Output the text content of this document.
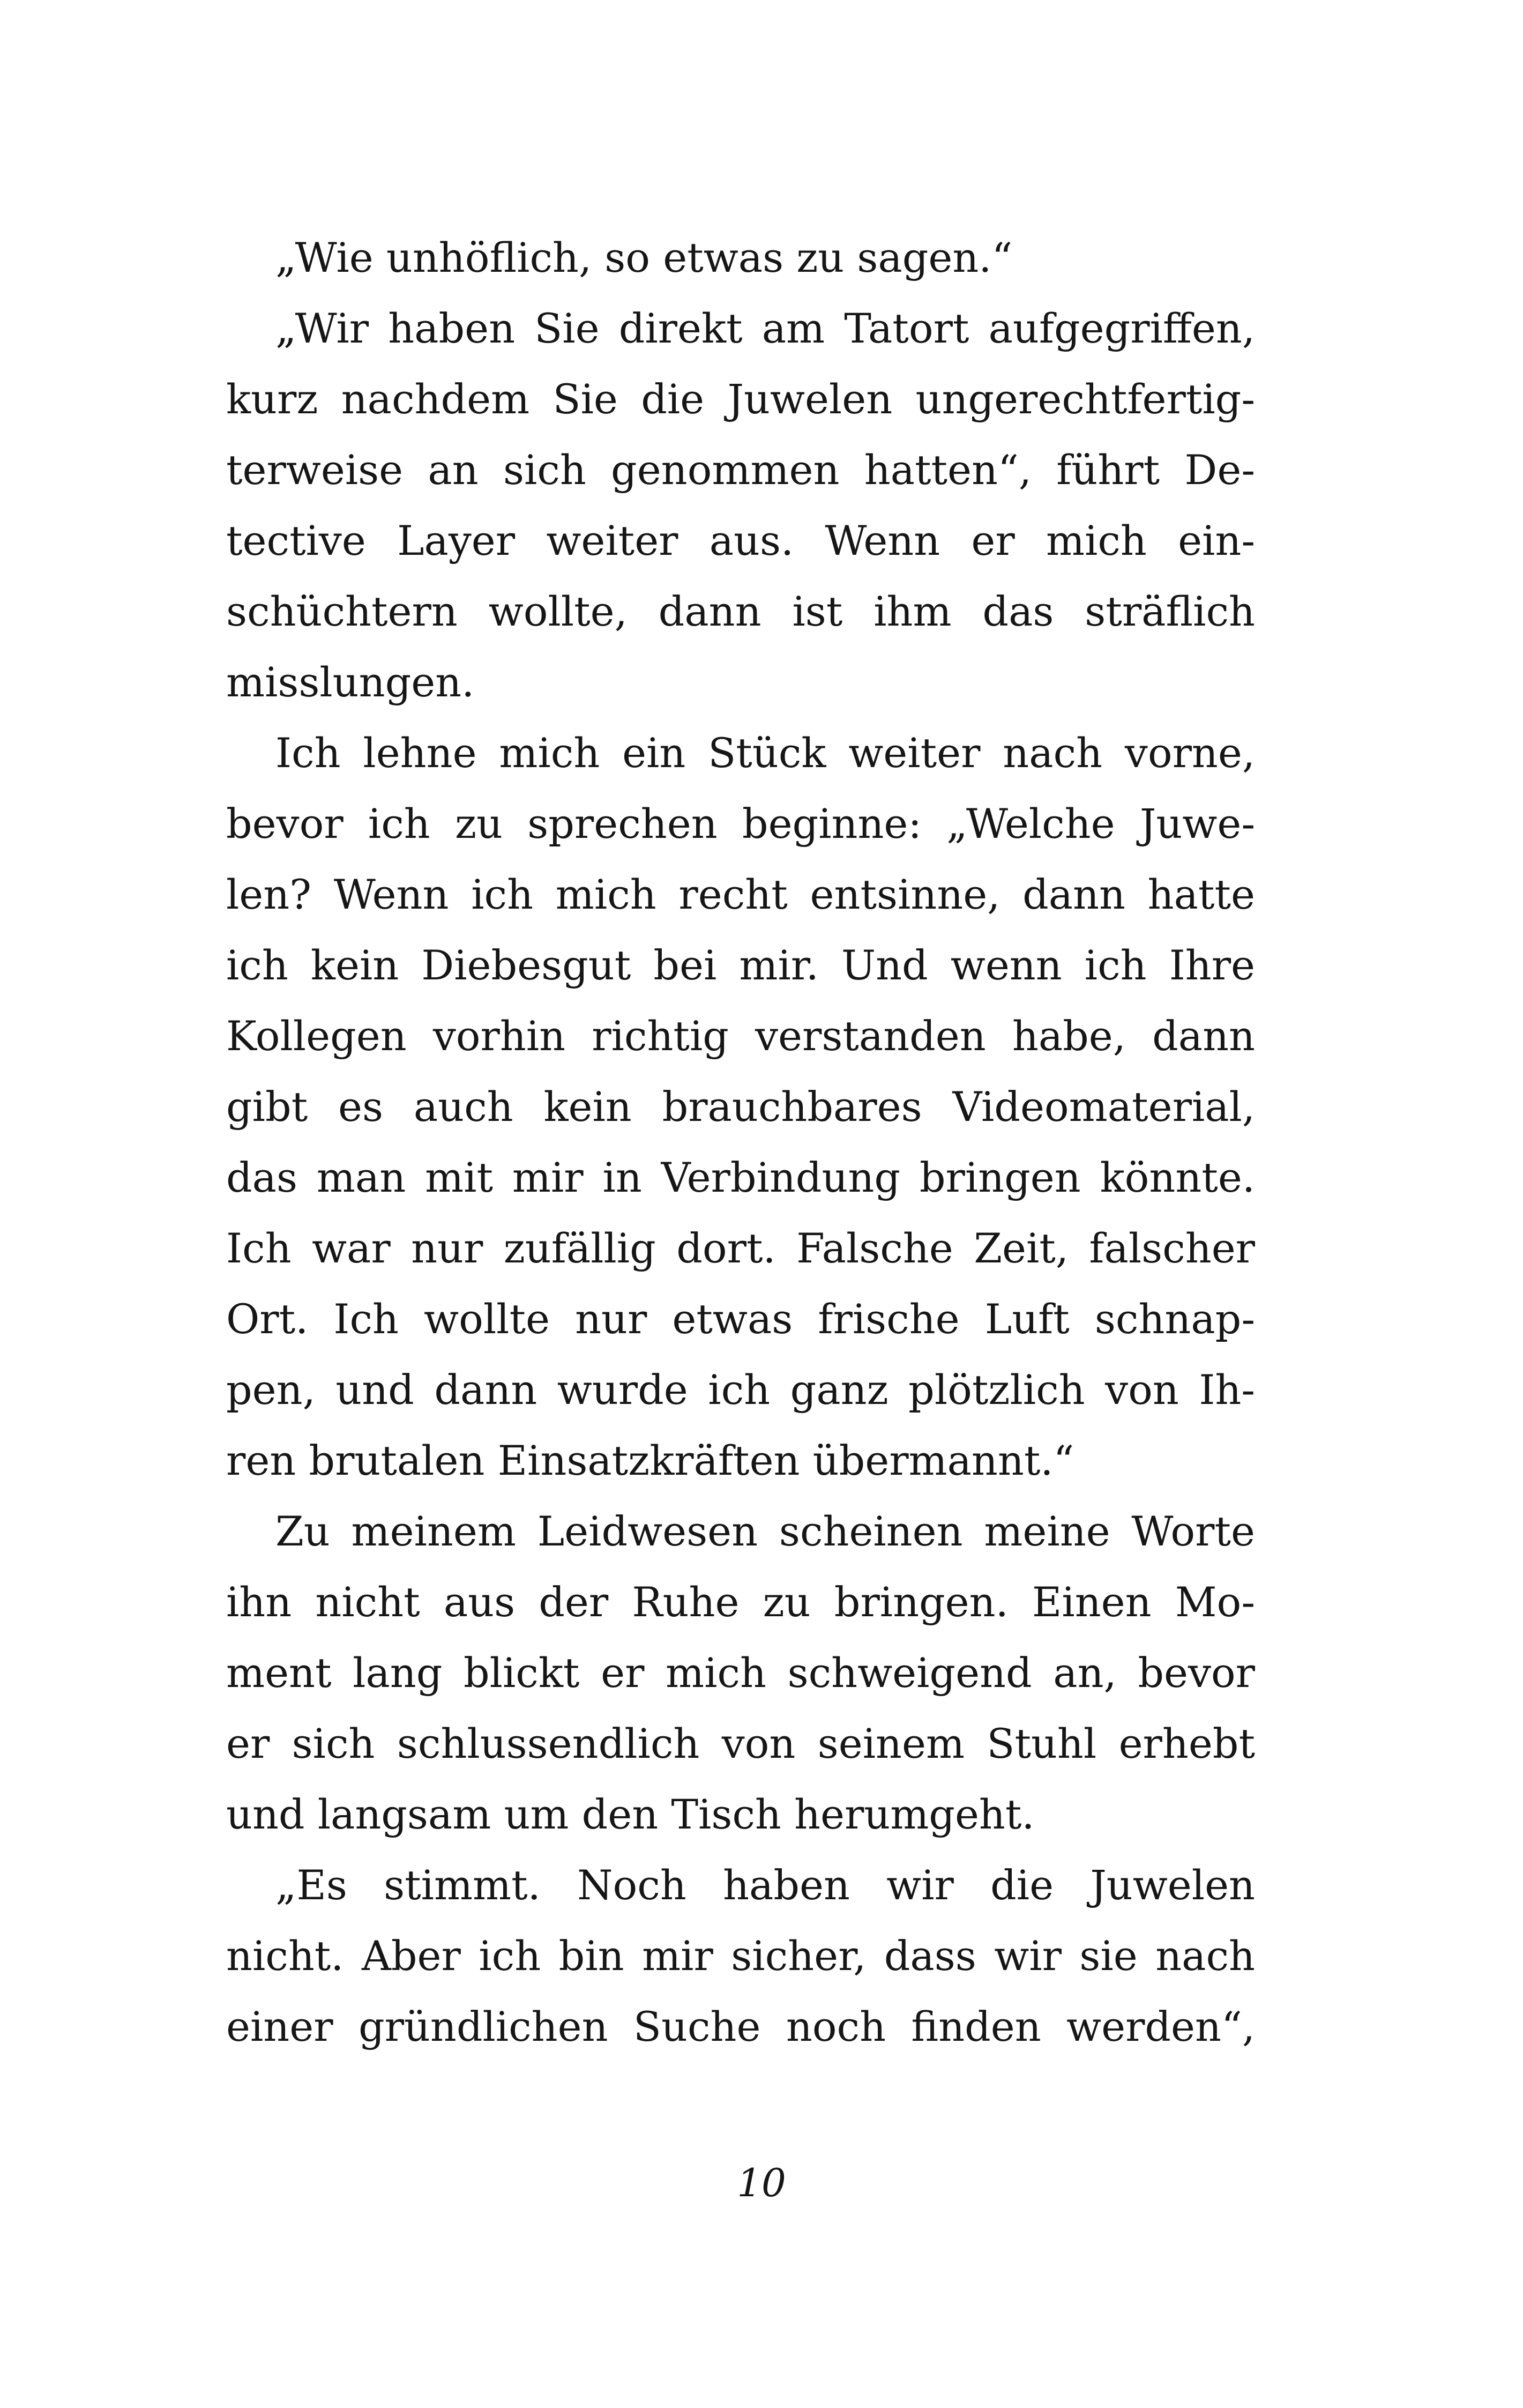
„Wie unhöflich, so etwas zu sagen.“
„Wir haben Sie direkt am Tatort aufgegriffen,
kurz nachdem Sie die Juwelen ungerechtfertig-
terweise an sich genommen hatten“, führt De-
tective Layer weiter aus. Wenn er mich ein-
schüchtern wollte, dann ist ihm das sträflich
misslungen.
Ich lehne mich ein Stück weiter nach vorne,
bevor ich zu sprechen beginne: „Welche Juwe-
len? Wenn ich mich recht entsinne, dann hatte
ich kein Diebesgut bei mir. Und wenn ich Ihre
Kollegen vorhin richtig verstanden habe, dann
gibt es auch kein brauchbares Videomaterial,
das man mit mir in Verbindung bringen könnte.
Ich war nur zufällig dort. Falsche Zeit, falscher
Ort. Ich wollte nur etwas frische Luft schnap-
pen, und dann wurde ich ganz plötzlich von Ih-
ren brutalen Einsatzkräften übermannt.“
Zu meinem Leidwesen scheinen meine Worte
ihn nicht aus der Ruhe zu bringen. Einen Mo-
ment lang blickt er mich schweigend an, bevor
er sich schlussendlich von seinem Stuhl erhebt
und langsam um den Tisch herumgeht.
„Es stimmt. Noch haben wir die Juwelen
nicht. Aber ich bin mir sicher, dass wir sie nach
einer gründlichen Suche noch finden werden“,
10
